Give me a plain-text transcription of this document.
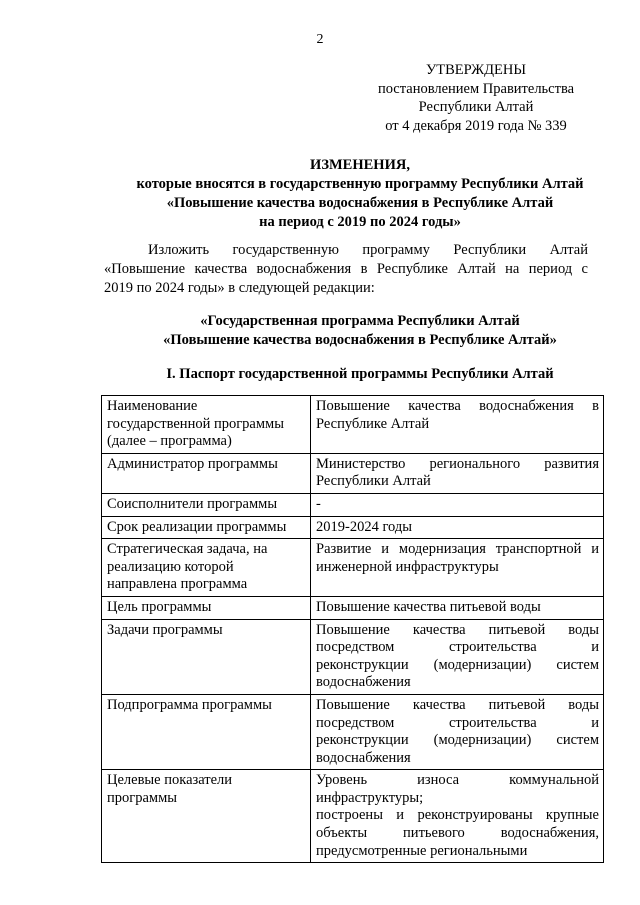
2
УТВЕРЖДЕНЫ
постановлением Правительства
Республики Алтай
от 4 декабря 2019 года № 339
ИЗМЕНЕНИЯ,
которые вносятся в государственную программу Республики Алтай
«Повышение качества водоснабжения в Республике Алтай
на период с 2019 по 2024 годы»
Изложить государственную программу Республики Алтай
«Повышение качества водоснабжения в Республике Алтай на период с
2019 по 2024 годы» в следующей редакции:
«Государственная программа Республики Алтай
«Повышение качества водоснабжения в Республике Алтай»
I. Паспорт государственной программы Республики Алтай
Наименование
государственной программы
(далее – программа)	Повышение качества водоснабжения в
Республике Алтай

Администратор программы	Министерство регионального развития
Республики Алтай

Соисполнители программы	-

Срок реализации программы	2019-2024 годы

Стратегическая задача, на
реализацию которой
направлена программа	Развитие и модернизация транспортной и
инженерной инфраструктуры

Цель программы	Повышение качества питьевой воды

Задачи программы	Повышение качества питьевой воды
посредством строительства и
реконструкции (модернизации) систем
водоснабжения

Подпрограмма программы	Повышение качества питьевой воды
посредством строительства и
реконструкции (модернизации) систем
водоснабжения

Целевые показатели
программы	Уровень износа коммунальной
инфраструктуры;
построены и реконструированы крупные
объекты питьевого водоснабжения,
предусмотренные региональными
